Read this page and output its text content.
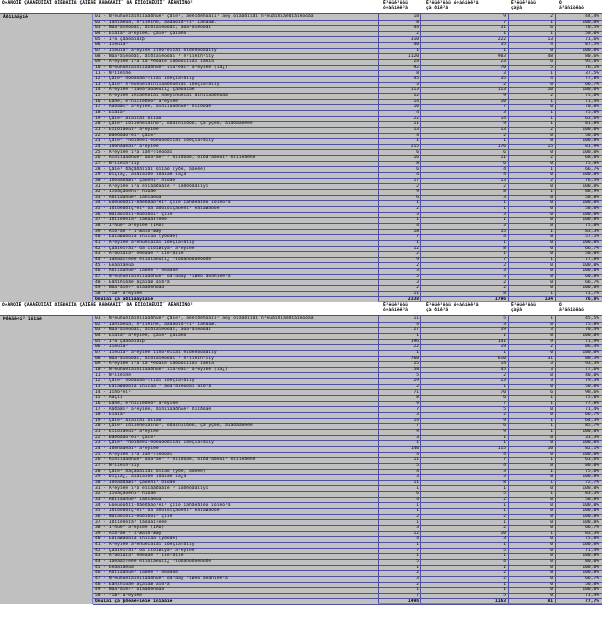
Ó×ÀÑÒÎÊ ÇÀÃÀËÜÍÎÃÎ ÓÌÈÐÀÍÍß ÇÅÌËÅÉ ÄÅÐÆÀÂÍÎ¯ ÒÀ ÊÎÌÓÍÀËÜÍÎ¯ ÂËÀÑÍÎÑÒ²	Ê³ëüê³ñòü
ó÷àñíèê³â
Ê³ëüê³ñòü ó÷àñíèê³â
çà ðîê³â
Ê³ëüê³ñòü
çàÿâ
Ó
â³äñîòêàõ
Ãðîìàäÿíè	01 · Ñ³ëüñüêîãîñïîäàðñüê³ çåìë³, âèêîðèñòàíí³ äëÿ òîâàðíîãî ñ³ëüãîñïâèðîáíèöòâà	18	9	2	44,4%
02 · Ïàñîâèùà, ñ³íîêîñè, áàãàòîð³÷í³ íàñàäæ.	8	7	1	100,0%
03 · Ñàä³âíèöòâî, ãîðîäíèöòâî, áóä³âíèöòâî	44	31	6	70,5%
04 · Ëîáîâ³ ä³ëÿíêè, çåìë³ çàïàñó	2	1	1	50,0%
05 · Ï³ä çàáóäîâîþ	310	222	13	71,6%
06 · Ïîëüîâ³	40	35	4	87,5%
07 · Ïîëüîâ³ ä³ëÿíêè ïîñò³éíîãî êîðèñòóâàííÿ	1	1	0	100,0%
08 · Ñàä³âíèöòâî, ãîðîäíèöòâî ³ ñ³íîêîñ³ííÿ	1120	903	48	80,6%
09 · Ä³ëÿíêè ï³ä îá'ºêòàìè íåðóõîìîãî ìàéíà	24	23	6	95,8%
10 · Ñ³ëüñüêîãîñïîäàðñüê³ ïîä³ëåí³ ä³ëÿíêè (ïà¿)	92	70	5	76,1%
11 · Ñ³íîêîñè	8	3	1	37,5%
12 · Çåìë³ ñòðàòåã³÷íîãî ïðèçíà÷åííÿ	45	35	4	77,8%
13 · Çåìë³ ñ³ëüñüêîãîñïîäàðñüêîãî ïðèçíà÷åííÿ	3	2	0	66,7%
14 · Ä³ëÿíêè ³íäèâ³äóàëüíî¿ çàáóäîâè	113	113	10	100,0%
15 · Ä³ëÿíêè îñîáèñòîãî ñåëÿíñüêîãî ãîñïîäàðñòâà	12	9	2	75,0%
16 · Ëåñè, ë³ñîïîêðèò³ ä³ëÿíêè	14	10	1	71,4%
17 · Ãàðàæí³ ä³ëÿíêè, ãîñïîäàðñüê³ ñïîðóäè	10	7	0	70,0%
18 · Ëîáîâ³	4	3	1	75,0%
19 · Çåìë³ âîäíîãî ôîíäó	22	14	1	63,6%
20 · Çåìë³ ïðîìèñëîâîñò³, òðàíñïîðòó, çâ'ÿçêó, åíåðãåòèêè	11	9	1	81,8%
21 · Êîìóíàëüí³ ä³ëÿíêè	13	13	2	100,0%
22 · Ðåêðåàö³éí³ çåìë³	4	2	0	50,0%
23 · Çåìë³ ³ñòîðèêî-êóëüòóðíîãî ïðèçíà÷åííÿ	1	1	0	100,0%
24 · Ïðèñàäèáí³ ä³ëÿíêè	215	176	15	81,9%
25 · Ä³ëÿíêè ï³ä ïàñ³÷íèöòâî	6	6	0	100,0%
26 · Ãîñïîäàðñüê³ áóä³âë³ ³ ñïîðóäè, òîðã³âåëüí³ êîìïëåêñè	16	11	2	68,8%
27 · Ñ³íîêîñ³ííÿ	8	6	0	75,0%
28 · Çåìë³ ðåçåðâíîãî ôîíäó (ÿðè, áàëêè)	6	4	1	66,7%
29 · Ðîçïà¿, äîãîâîðè îðåíäè ïà¿â	4	4	0	100,0%
30 · Ïðèáåðåæí³ çàõèñí³ ñìóãè	17	13	2	76,5%
31 · Ä³ëÿíêè ï³ä ëîìáàðäàìè ³ ïàðêóâàííÿì	2	2	0	100,0%
32 · Ïîëåçàõèñí³ ñìóãè	9	8	1	88,9%
33 · Ãðîìàäñüê³ ïàñîâèùà	6	3	0	50,0%
34 · Êóëüòóðíî-ðåêðåàö³éí³ çîíè íàñåëåíèõ ïóíêò³â	1	1	0	100,0%
35 · Ïðîòèåðîç³éí³ òà ãðóíòîçàõèñí³ ëàíäøàôòè	2	1	0	50,0%
36 · Ñàíàòîðíî-êóðîðòí³ çîíè	3	3	0	100,0%
37 · Ïðîìèñëîâ³ ìàéäàí÷èêè	1	1	0	100,0%
38 · Ì³ñüê³ ä³ëÿíêè (ÌÀÔ)	4	3	0	75,0%
39 · Äîð³ãè ³ ì³æäîð³ææÿ	18	15	1	83,3%
40 · Ëàíäøàôòíà îñíîâà (ÿðóãè)	7	4	0	57,1%
41 · Ä³ëÿíêè â³éñüêîâîãî ïðèçíà÷åííÿ	1	1	0	100,0%
42 · Çàáîëî÷åí³ òà ïîðîøíÿâ³ ä³ëÿíêè	12	8	0	66,7%
43 · Â³äõîäîâ³ ñêëàäè ³ ïîë³ãîíè	2	1	0	50,0%
44 · Ìàéäàí÷èêè êîìóíàëüíî¿ ³íôðàñòðóêòóðè	9	7	1	77,8%
45 · Êëàäîâèùà	2	2	0	100,0%
46 · Ãðîìàäñüê³ ïàðêè ³ ñêâåðè	3	3	0	100,0%
47 · Ñ³ëüñüêîãîñïîäàðñüê³ óã³äääÿ ³íøèõ âëàñíèê³â	5	3	0	60,0%
48 · Ëåñîñìóãè âçäîâæ äîð³ã	3	2	0	66,7%
49 · Ñàä³âíè÷³ òîâàðèñòâà	2	2	0	100,0%
50 · ²íø³ ä³ëÿíêè	11	8	1	72,7%
Óñüîãî çà ãðîìàäÿíàìè	2338	1796	134	76,8%
Ó×ÀÑÒÎÊ ÇÀÃÀËÜÍÎÃÎ ÓÌÈÐÀÍÍß ÇÅÌËÅÉ ÄÅÐÆÀÂÍÎ¯ ÒÀ ÊÎÌÓÍÀËÜÍÎ¯ ÂËÀÑÍÎÑÒ²	Ê³ëüê³ñòü
ó÷àñíèê³â
Ê³ëüê³ñòü ó÷àñíèê³â
çà ðîê³â
Ê³ëüê³ñòü
çàÿâ
Ó
â³äñîòêàõ
Þðèäè÷í³ îñîáè	01 · Ñ³ëüñüêîãîñïîäàðñüê³ çåìë³, âèêîðèñòàíí³ äëÿ òîâàðíîãî ñ³ëüãîñïâèðîáíèöòâà	11	5	1	45,5%
02 · Ïàñîâèùà, ñ³íîêîñè, áàãàòîð³÷í³ íàñàäæ.	4	3	0	75,0%
03 · Ñàä³âíèöòâî, ãîðîäíèöòâî, áóä³âíèöòâî	27	19	3	70,4%
04 · Ëîáîâ³ ä³ëÿíêè, çåìë³ çàïàñó	1	1	0	100,0%
05 · Ï³ä çàáóäîâîþ	196	141	9	71,9%
06 · Ïîëüîâ³	22	19	2	86,4%
07 · Ïîëüîâ³ ä³ëÿíêè ïîñò³éíîãî êîðèñòóâàííÿ	1	1	0	100,0%
08 · Ñàä³âíèöòâî, ãîðîäíèöòâî ³ ñ³íîêîñ³ííÿ	760	610	31	80,3%
09 · Ä³ëÿíêè ï³ä îá'ºêòàìè íåðóõîìîãî ìàéíà	15	14	3	93,3%
10 · Ñ³ëüñüêîãîñïîäàðñüê³ ïîä³ëåí³ ä³ëÿíêè (ïà¿)	58	45	3	77,6%
11 · Ñ³íîêîñè	5	2	0	40,0%
12 · Çåìë³ ñòðàòåã³÷íîãî ïðèçíà÷åííÿ	29	23	3	79,3%
13 · Ëàíäøàôòíà îñíîâà ³ áóä³âíèöòâî äîð³ã	2	1	0	50,0%
14 · Ïîñò³éí³	71	70	6	98,6%
15 · Ãàçîí	8	6	1	75,0%
16 · Ëåñè, ë³ñîïîêðèò³ ä³ëÿíêè	9	7	1	77,8%
17 · Ãàðàæí³ ä³ëÿíêè, ãîñïîäàðñüê³ ñïîðóäè	7	5	0	71,4%
18 · Ëîáîâ³	3	2	0	66,7%
19 · Çåìë³ âîäíîãî ôîíäó	14	9	1	64,3%
20 · Çåìë³ ïðîìèñëîâîñò³, òðàíñïîðòó, çâ'ÿçêó, åíåðãåòèêè	7	6	1	85,7%
21 · Êîìóíàëüí³ ä³ëÿíêè	9	9	1	100,0%
22 · Ðåêðåàö³éí³ çåìë³	3	1	0	33,3%
23 · Çåìë³ ³ñòîðèêî-êóëüòóðíîãî ïðèçíà÷åííÿ	1	1	0	100,0%
24 · Ïðèñàäèáí³ ä³ëÿíêè	140	115	10	82,1%
25 · Ä³ëÿíêè ï³ä ïàñ³÷íèöòâî	4	4	0	100,0%
26 · Ãîñïîäàðñüê³ áóä³âë³ ³ ñïîðóäè, òîðã³âåëüí³ êîìïëåêñè	11	7	1	63,6%
27 · Ñ³íîêîñ³ííÿ	5	4	0	80,0%
28 · Çåìë³ ðåçåðâíîãî ôîíäó (ÿðè, áàëêè)	4	3	1	75,0%
29 · Ðîçïà¿, äîãîâîðè îðåíäè ïà¿â	3	3	0	100,0%
30 · Ïðèáåðåæí³ çàõèñí³ ñìóãè	11	8	1	72,7%
31 · Ä³ëÿíêè ï³ä ëîìáàðäàìè ³ ïàðêóâàííÿì	1	1	0	100,0%
32 · Ïîëåçàõèñí³ ñìóãè	6	5	1	83,3%
33 · Ãðîìàäñüê³ ïàñîâèùà	4	2	0	50,0%
34 · Êóëüòóðíî-ðåêðåàö³éí³ çîíè íàñåëåíèõ ïóíêò³â	1	1	0	100,0%
35 · Ïðîòèåðîç³éí³ òà ãðóíòîçàõèñí³ ëàíäøàôòè	1	1	0	100,0%
36 · Ñàíàòîðíî-êóðîðòí³ çîíè	2	2	0	100,0%
37 · Ïðîìèñëîâ³ ìàéäàí÷èêè	1	1	0	100,0%
38 · Ì³ñüê³ ä³ëÿíêè (ÌÀÔ)	3	2	0	66,7%
39 · Äîð³ãè ³ ì³æäîð³ææÿ	12	10	1	83,3%
40 · Ëàíäøàôòíà îñíîâà (ÿðóãè)	4	3	0	75,0%
41 · Ä³ëÿíêè â³éñüêîâîãî ïðèçíà÷åííÿ	1	1	0	100,0%
42 · Çàáîëî÷åí³ òà ïîðîøíÿâ³ ä³ëÿíêè	7	5	0	71,4%
43 · Â³äõîäîâ³ ñêëàäè ³ ïîë³ãîíè	1	1	0	100,0%
44 · Ìàéäàí÷èêè êîìóíàëüíî¿ ³íôðàñòðóêòóðè	5	4	0	80,0%
45 · Êëàäîâèùà	1	1	0	100,0%
46 · Ãðîìàäñüê³ ïàðêè ³ ñêâåðè	2	2	0	100,0%
47 · Ñ³ëüñüêîãîñïîäàðñüê³ óã³ääÿ ³íøèõ âëàñíèê³â	3	2	0	66,7%
48 · Ëåñîñìóãè âçäîâæ äîð³ã	2	1	0	50,0%
49 · Ñàä³âíè÷³ òîâàðèñòâà	1	1	0	100,0%
50 · ²íø³ ä³ëÿíêè	7	5	0	71,4%
Óñüîãî çà þðèäè÷íèìè îñîáàìè	1496	1163	81	77,7%
